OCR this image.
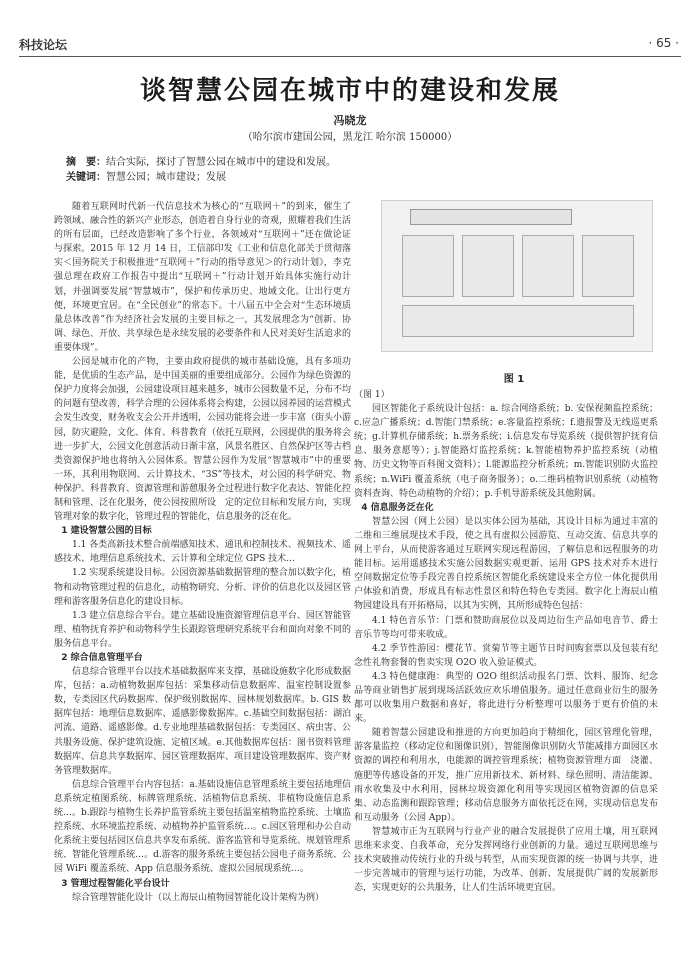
科技论坛	· 65 ·
谈智慧公园在城市中的建设和发展
冯晓龙
（哈尔滨市建国公园，黑龙江 哈尔滨 150000）
摘　要：结合实际，探讨了智慧公园在城市中的建设和发展。
关键词：智慧公园；城市建设；发展

随着互联网时代新一代信息技术为核心的“互联网＋”的到来，催生了跨领域、融合性的新兴产业形态，创造着自身行业的奇观，照耀着我们生活的所有层面，已经改造影响了多个行业，各领域对“互联网＋”还在做论证与探索。2015 年 12 月 14 日，工信部印发《工业和信息化部关于贯彻落实＜国务院关于积极推进“互联网＋”行动的指导意见＞的行动计划》，李克强总理在政府工作报告中提出“互联网＋”行动计划开始具体实施行动计划，并强调要发展“智慧城市”，保护和传承历史、地域文化。让出行更方便，环境更宜居。在“全民创业”的常态下。十八届五中全会对“生态环境质量总体改善”作为经济社会发展的主要目标之一，其发展理念为“创新、协调、绿色、开放、共享绿色是永续发展的必要条件和人民对美好生活追求的重要体现”。

公园是城市化的产物，主要由政府提供的城市基础设施，具有多项功能，是优质的生态产品，是中国美丽的重要组成部分。公园作为绿色资源的保护力度将会加强，公园建设项目越来越多，城市公园数量不足，分布不均的问题有望改善，科学合理的公园体系将会构建，公园以园养园的运营模式会发生改变，财务收支会公开并透明，公园功能将会进一步丰富（街头小游园，防灾避险，文化、体育、科普教育（依托互联网，公园提供的服务将会进一步扩大，公园文化创意活动日渐丰富，风景名胜区、自然保护区等古档类资源保护地也将纳入公园体系。智慧公园作为发展“智慧城市”中的重要一环，其利用物联网、云计算技术、“3S”等技术，对公园的科学研究、物种保护、科普教育、资源管理和游憩服务全过程进行数字化表达、智能化控制和管理、泛在化服务，使公园按照所设　定的定位目标和发展方向，实现管理对象的数字化，管理过程的智能化，信息服务的泛在化。

1 建设智慧公园的目标

1.1 各类高新技术整合前端感知技术、通讯和控制技术、视频技术、遥感技术、地理信息系统技术、云计算和全球定位 GPS 技术…

1.2 实现系统建设目标。公园资源基础数据管理的整合加以数字化，植物和动物管理过程的信息化，动植物研究、分析、评价的信息化以及园区管理和游客服务信息化的建设目标。

1.3 建立信息综合平台。建立基础设施资源管理信息平台、园区智能管理、植物抚育养护和动物科学生长跟踪管理研究系统平台和面向对象不同的服务信息平台。

2 综合信息管理平台

信息综合管理平台以技术基础数据库来支撑，基础设施数字化形成数据库，包括：a.动植物数据库包括：采集移动信息数据库、温室控制设置参数，专类园区代码数据库、保护级别数据库、园林规划数据库。b. GIS 数据库包括：地理信息数据库、遥感影像数据库。c.基础空间数据包括：湖泊河流、道路、遥感影像。d.专业地理基础数据包括：专类园区、病虫害、公共服务设施、保护建筑设施、定植区域。e.其他数据库包括：图书资料管理数据库、信息共享数据库、园区管理数据库、项目建设管理数据库、资产财务管理数据库。

信息综合管理平台内容包括：a.基础设施信息管理系统主要包括地理信息系统定植图系统、标牌管理系统、活植物信息系统、非植物设施信息系统…。b.跟踪与植物生长养护监管系统主要包括温室植物监控系统、土壤监控系统、水环境监控系统、动植物养护监管系统…。c.园区管理和办公自动化系统主要包括园区信息共享发布系统、游客监管和导览系统、规划管理系统、智能化管理系统…。d.游客的服务系统主要包括公园电子商务系统、公园 WiFi 覆盖系统、App 信息服务系统、虚拟公园展现系统…。

3 管理过程智能化平台设计

综合管理智能化设计（以上海辰山植物园智能化设计架构为例）

图 1

（图 1）

园区智能化子系统设计包括：a. 综合网络系统；b. 安保视频监控系统；c.应急广播系统；d.智能门禁系统；e.客量监控系统；f.遗报警及无线巡更系统；g.计算机存储系统；h.票务系统；i.信息发布导览系统（提供智护抚育信息、服务意愿等）；j.智能路灯监控系统；k.智能植物养护监控系统（动植物、历史文物等百科图文资料）；l.能源监控分析系统；m.智能识别防火监控系统；n.WiFi 覆盖系统（电子商务服务）；o.二维码植物识别系统（动植物资料查询、特色动植物的介绍）；p.手机导游系统及其他附属。

4 信息服务泛在化

智慧公园（网上公园）是以实体公园为基础，其设计目标为通过丰富的二维和三维展现技术手段，使之具有虚拟公园游览、互动交流、信息共享的网上平台，从而使游客通过互联网实现远程游园，了解信息和远程服务的功能目标。运用遥感技术实施公园数据实观更新、运用 GPS 技术对乔木进行空间数据定位等手段完善自控系统区智能化系统建设来全方位一体化提供用户体验和消费，形成具有标志性景区和特色特色专类园。数字化上海辰山植物园建设具有开拓格局，以其为实例，其所形成特色包括：

4.1 特色音乐节：门票和赞助商展位以及周边衍生产品如电音节、爵士音乐节等均可带来收成。

4.2 季节性游园：樱花节、赏菊节等主题节日时间购套票以及包装有纪念性礼物套餐的售卖实现 O2O 收入验证模式。

4.3 特色健康跑：典型的 O2O 组织活动报名门票、饮料、服饰、纪念品等商业销售扩展到现场活跃效应欢乐增值服务。通过任意商业衍生的服务都可以收集用户数据和喜好，将此进行分析整理可以服务于更有价值的未来。

随着智慧公园建设和推进的方向更加趋向于精细化，园区管理化管理，游客量监控（移动定位和图像识别），智能图像识别防火节能减排方面园区水资源的调控和利用水，电能源的调控管理系统；植物资源管理方面　浇灌、施肥等传感设备的开发，推广应用新技术、新材料、绿色照明、清洁能源、雨水收集及中水利用，园林垃圾资源化利用等实现园区植物资源的信息采集、动态监测和跟踪管理；移动信息服务方面依托泛在网，实现动信息发布和互动服务（公园 App）。

智慧城市正为互联网与行业产业的融合发展提供了应用土壤，用互联网思维来求变、自我革命，充分发挥网络行业创新的力量。通过互联网思维与技术突破推动传统行业的升级与转型，从而实现资源的统一协调与共享，进一步完善城市的管理与运行功能，为改革、创新、发展提供广阔的发展新形态，实现更好的公共服务，让人们生活环境更宜居。
